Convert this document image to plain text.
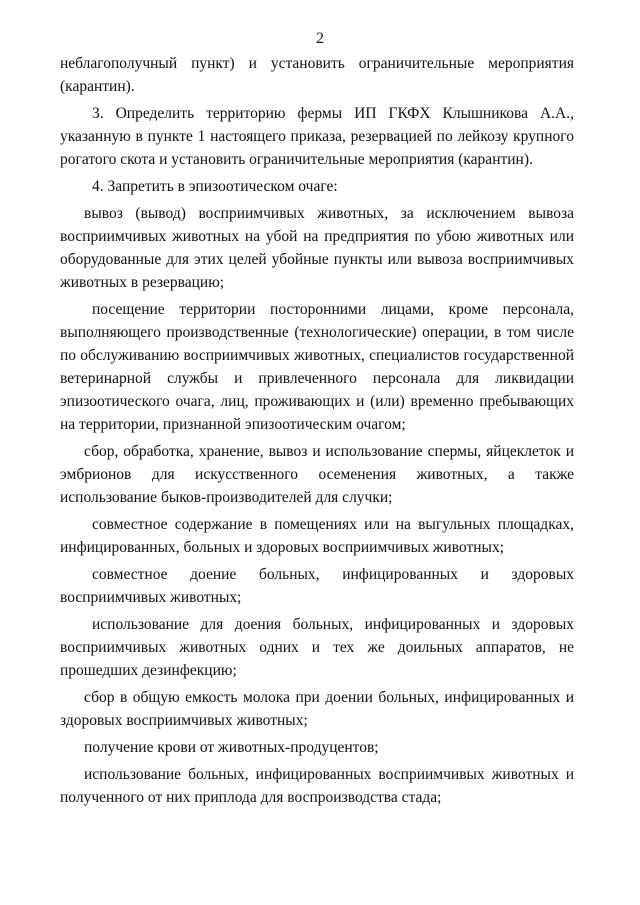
2

неблагополучный пункт) и установить ограничительные мероприятия (карантин).

3. Определить территорию фермы ИП ГКФХ Клышникова А.А., указанную в пункте 1 настоящего приказа, резервацией по лейкозу крупного рогатого скота и установить ограничительные мероприятия (карантин).

4. Запретить в эпизоотическом очаге:

вывоз (вывод) восприимчивых животных, за исключением вывоза восприимчивых животных на убой на предприятия по убою животных или оборудованные для этих целей убойные пункты или вывоза восприимчивых животных в резервацию;

посещение территории посторонними лицами, кроме персонала, выполняющего производственные (технологические) операции, в том числе по обслуживанию восприимчивых животных, специалистов государственной ветеринарной службы и привлеченного персонала для ликвидации эпизоотического очага, лиц, проживающих и (или) временно пребывающих на территории, признанной эпизоотическим очагом;

сбор, обработка, хранение, вывоз и использование спермы, яйцеклеток и эмбрионов для искусственного осеменения животных, а также использование быков-производителей для случки;

совместное содержание в помещениях или на выгульных площадках, инфицированных, больных и здоровых восприимчивых животных;

совместное доение больных, инфицированных и здоровых восприимчивых животных;

использование для доения больных, инфицированных и здоровых восприимчивых животных одних и тех же доильных аппаратов, не прошедших дезинфекцию;

сбор в общую емкость молока при доении больных, инфицированных и здоровых восприимчивых животных;

получение крови от животных-продуцентов;

использование больных, инфицированных восприимчивых животных и полученного от них приплода для воспроизводства стада;
